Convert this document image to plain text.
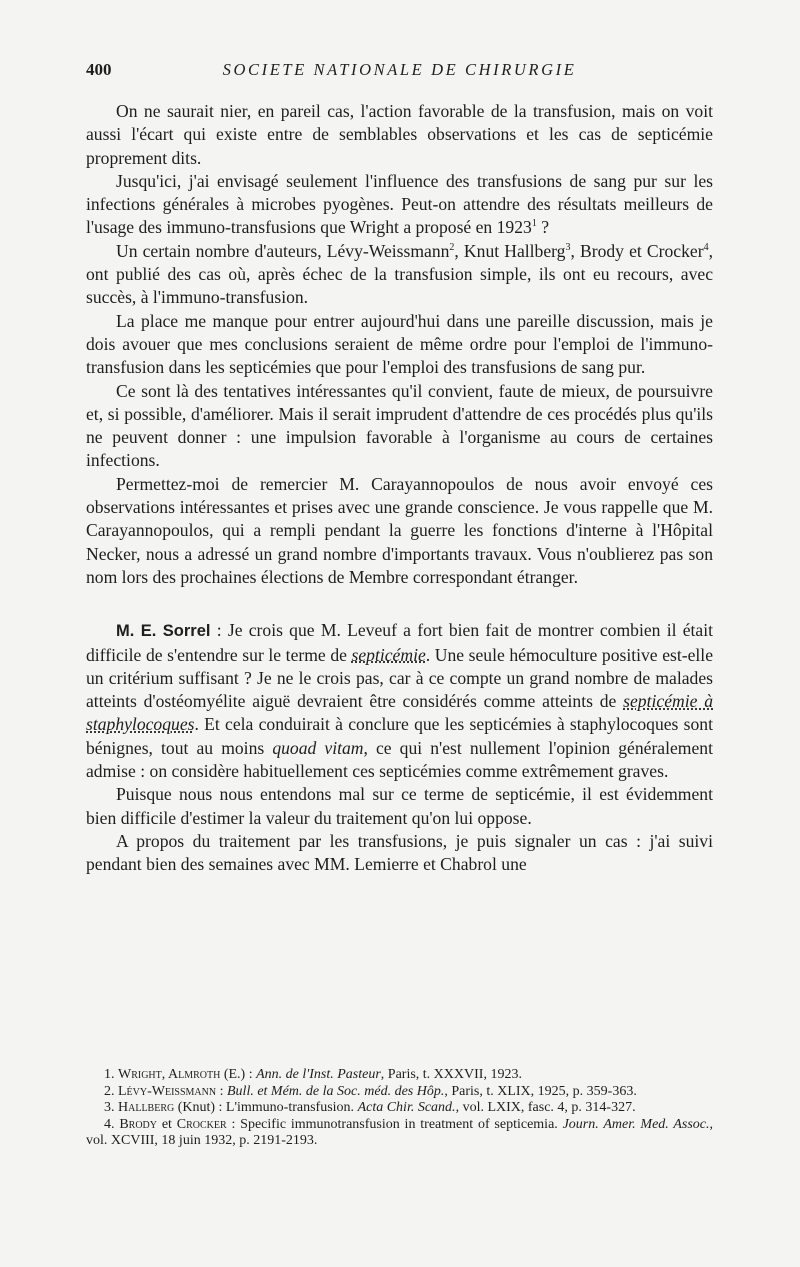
400	SOCIETE NATIONALE DE CHIRURGIE

On ne saurait nier, en pareil cas, l'action favorable de la transfusion, mais on voit aussi l'écart qui existe entre de semblables observations et les cas de septicémie proprement dits.

Jusqu'ici, j'ai envisagé seulement l'influence des transfusions de sang pur sur les infections générales à microbes pyogènes. Peut-on attendre des résultats meilleurs de l'usage des immuno-transfusions que Wright a proposé en 1923$^1$ ?

Un certain nombre d'auteurs, Lévy-Weissmann$^2$, Knut Hallberg$^3$, Brody et Crocker$^4$, ont publié des cas où, après échec de la transfusion simple, ils ont eu recours, avec succès, à l'immuno-transfusion.

La place me manque pour entrer aujourd'hui dans une pareille discussion, mais je dois avouer que mes conclusions seraient de même ordre pour l'emploi de l'immuno-transfusion dans les septicémies que pour l'emploi des transfusions de sang pur.

Ce sont là des tentatives intéressantes qu'il convient, faute de mieux, de poursuivre et, si possible, d'améliorer. Mais il serait imprudent d'attendre de ces procédés plus qu'ils ne peuvent donner : une impulsion favorable à l'organisme au cours de certaines infections.

Permettez-moi de remercier M. Carayannopoulos de nous avoir envoyé ces observations intéressantes et prises avec une grande conscience. Je vous rappelle que M. Carayannopoulos, qui a rempli pendant la guerre les fonctions d'interne à l'Hôpital Necker, nous a adressé un grand nombre d'importants travaux. Vous n'oublierez pas son nom lors des prochaines élections de Membre correspondant étranger.

M. E. Sorrel : Je crois que M. Leveuf a fort bien fait de montrer combien il était difficile de s'entendre sur le terme de septicémie. Une seule hémoculture positive est-elle un critérium suffisant ? Je ne le crois pas, car à ce compte un grand nombre de malades atteints d'ostéomyélite aiguë devraient être considérés comme atteints de septicémie à staphylocoques. Et cela conduirait à conclure que les septicémies à staphylocoques sont bénignes, tout au moins quoad vitam, ce qui n'est nullement l'opinion généralement admise : on considère habituellement ces septicémies comme extrêmement graves.

Puisque nous nous entendons mal sur ce terme de septicémie, il est évidemment bien difficile d'estimer la valeur du traitement qu'on lui oppose.

A propos du traitement par les transfusions, je puis signaler un cas : j'ai suivi pendant bien des semaines avec MM. Lemierre et Chabrol une

1. Wright, Almroth (E.) : Ann. de l'Inst. Pasteur, Paris, t. XXXVII, 1923.

2. Lévy-Weissmann : Bull. et Mém. de la Soc. méd. des Hôp., Paris, t. XLIX, 1925, p. 359-363.

3. Hallberg (Knut) : L'immuno-transfusion. Acta Chir. Scand., vol. LXIX, fasc. 4, p. 314-327.

4. Brody et Crocker : Specific immunotransfusion in treatment of septicemia. Journ. Amer. Med. Assoc., vol. XCVIII, 18 juin 1932, p. 2191-2193.
